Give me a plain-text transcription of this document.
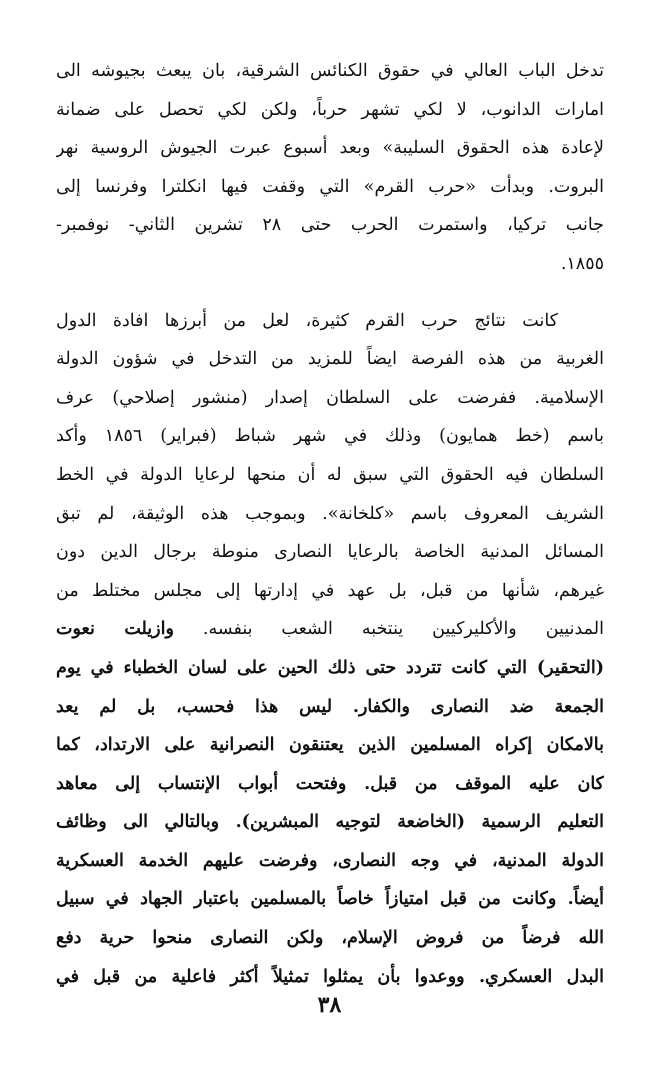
تدخل الباب العالي في حقوق الكنائس الشرقية، بان يبعث بجيوشه الى
امارات الدانوب، لا لكي تشهر حرباً، ولكن لكي تحصل على ضمانة
لإعادة هذه الحقوق السليبة» وبعد أسبوع عبرت الجيوش الروسية نهر
البروت. وبدأت «حرب القرم» التي وقفت فيها انكلترا وفرنسا إلى
جانب تركيا، واستمرت الحرب حتى ٢٨ تشرين الثاني- نوفمبر-
١٨٥٥.
كانت نتائج حرب القرم كثيرة، لعل من أبرزها افادة الدول
الغربية من هذه الفرصة ايضاً للمزيد من التدخل في شؤون الدولة
الإسلامية. ففرضت على السلطان إصدار (منشور إصلاحي) عرف
باسم (خط همايون) وذلك في شهر شباط (فبراير) ١٨٥٦ وأكد
السلطان فيه الحقوق التي سبق له أن منحها لرعايا الدولة في الخط
الشريف المعروف باسم «كلخانة». وبموجب هذه الوثيقة، لم تبق
المسائل المدنية الخاصة بالرعايا النصارى منوطة برجال الدين دون
غيرهم، شأنها من قبل، بل عهد في إدارتها إلى مجلس مختلط من
المدنيين والأكليركيين ينتخبه الشعب بنفسه. وازيلت نعوت
(التحقير) التي كانت تتردد حتى ذلك الحين على لسان الخطباء في يوم
الجمعة ضد النصارى والكفار. ليس هذا فحسب، بل لم يعد
بالامكان إكراه المسلمين الذين يعتنقون النصرانية على الارتداد، كما
كان عليه الموقف من قبل. وفتحت أبواب الإنتساب إلى معاهد
التعليم الرسمية (الخاضعة لتوجيه المبشرين). وبالتالي الى وظائف
الدولة المدنية، في وجه النصارى، وفرضت عليهم الخدمة العسكرية
أيضاً. وكانت من قبل امتيازاً خاصاً بالمسلمين باعتبار الجهاد في سبيل
الله فرضاً من فروض الإسلام، ولكن النصارى منحوا حرية دفع
البدل العسكري. ووعدوا بأن يمثلوا تمثيلاً أكثر فاعلية من قبل في
٣٨
